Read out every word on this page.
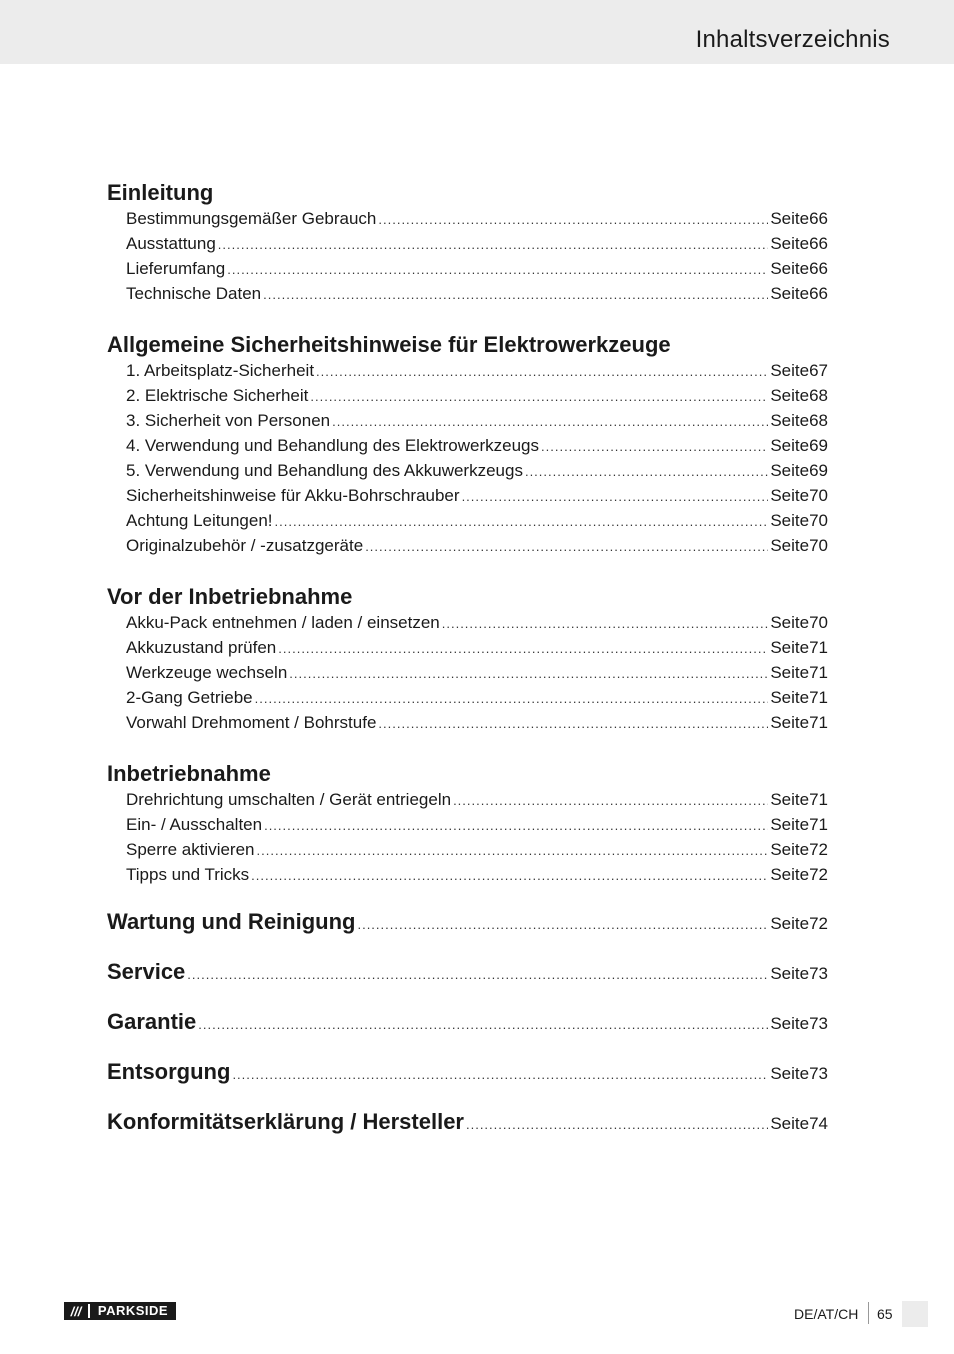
Inhaltsverzeichnis
Einleitung
Bestimmungsgemäßer Gebrauch .....	Seite 66
Ausstattung .....	Seite 66
Lieferumfang .....	Seite 66
Technische Daten .....	Seite 66
Allgemeine Sicherheitshinweise für Elektrowerkzeuge
1. Arbeitsplatz-Sicherheit .....	Seite 67
2. Elektrische Sicherheit .....	Seite 68
3. Sicherheit von Personen .....	Seite 68
4. Verwendung und Behandlung des Elektrowerkzeugs .....	Seite 69
5. Verwendung und Behandlung des Akkuwerkzeugs .....	Seite 69
Sicherheitshinweise für Akku-Bohrschrauber .....	Seite 70
Achtung Leitungen! .....	Seite 70
Originalzubehör / -zusatzgeräte .....	Seite 70
Vor der Inbetriebnahme
Akku-Pack entnehmen / laden / einsetzen .....	Seite 70
Akkuzustand prüfen .....	Seite 71
Werkzeuge wechseln .....	Seite 71
2-Gang Getriebe .....	Seite 71
Vorwahl Drehmoment / Bohrstufe .....	Seite 71
Inbetriebnahme
Drehrichtung umschalten / Gerät entriegeln .....	Seite 71
Ein- / Ausschalten .....	Seite 71
Sperre aktivieren .....	Seite 72
Tipps und Tricks .....	Seite 72
Wartung und Reinigung .....	Seite 72
Service .....	Seite 73
Garantie .....	Seite 73
Entsorgung .....	Seite 73
Konformitätserklärung / Hersteller .....	Seite 74
///	PARKSIDE	DE/AT/CH 65
